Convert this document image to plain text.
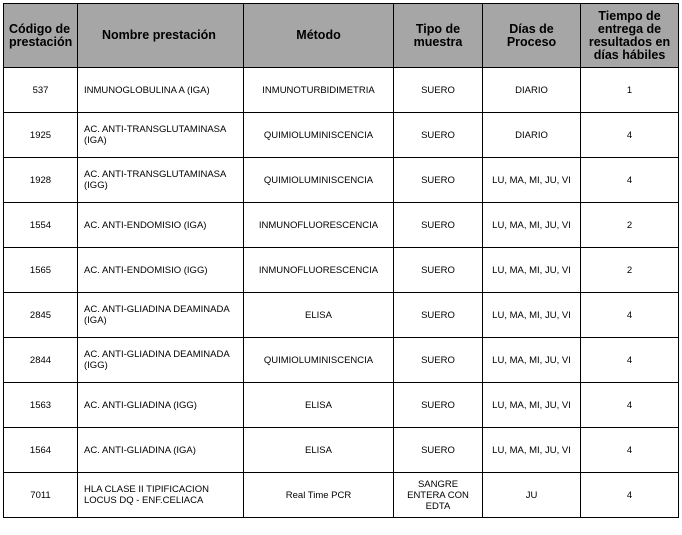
Código de prestación	Nombre prestación	Método	Tipo de muestra	Días de Proceso	Tiempo de entrega de resultados en días hábiles
537	INMUNOGLOBULINA A (IGA)	INMUNOTURBIDIMETRIA	SUERO	DIARIO	1
1925	AC. ANTI-TRANSGLUTAMINASA (IGA)	QUIMIOLUMINISCENCIA	SUERO	DIARIO	4
1928	AC. ANTI-TRANSGLUTAMINASA (IGG)	QUIMIOLUMINISCENCIA	SUERO	LU, MA, MI, JU, VI	4
1554	AC. ANTI-ENDOMISIO (IGA)	INMUNOFLUORESCENCIA	SUERO	LU, MA, MI, JU, VI	2
1565	AC. ANTI-ENDOMISIO (IGG)	INMUNOFLUORESCENCIA	SUERO	LU, MA, MI, JU, VI	2
2845	AC. ANTI-GLIADINA DEAMINADA (IGA)	ELISA	SUERO	LU, MA, MI, JU, VI	4
2844	AC. ANTI-GLIADINA DEAMINADA (IGG)	QUIMIOLUMINISCENCIA	SUERO	LU, MA, MI, JU, VI	4
1563	AC. ANTI-GLIADINA (IGG)	ELISA	SUERO	LU, MA, MI, JU, VI	4
1564	AC. ANTI-GLIADINA (IGA)	ELISA	SUERO	LU, MA, MI, JU, VI	4
7011	HLA CLASE II TIPIFICACION LOCUS DQ - ENF.CELIACA	Real Time PCR	SANGRE ENTERA CON EDTA	JU	4
